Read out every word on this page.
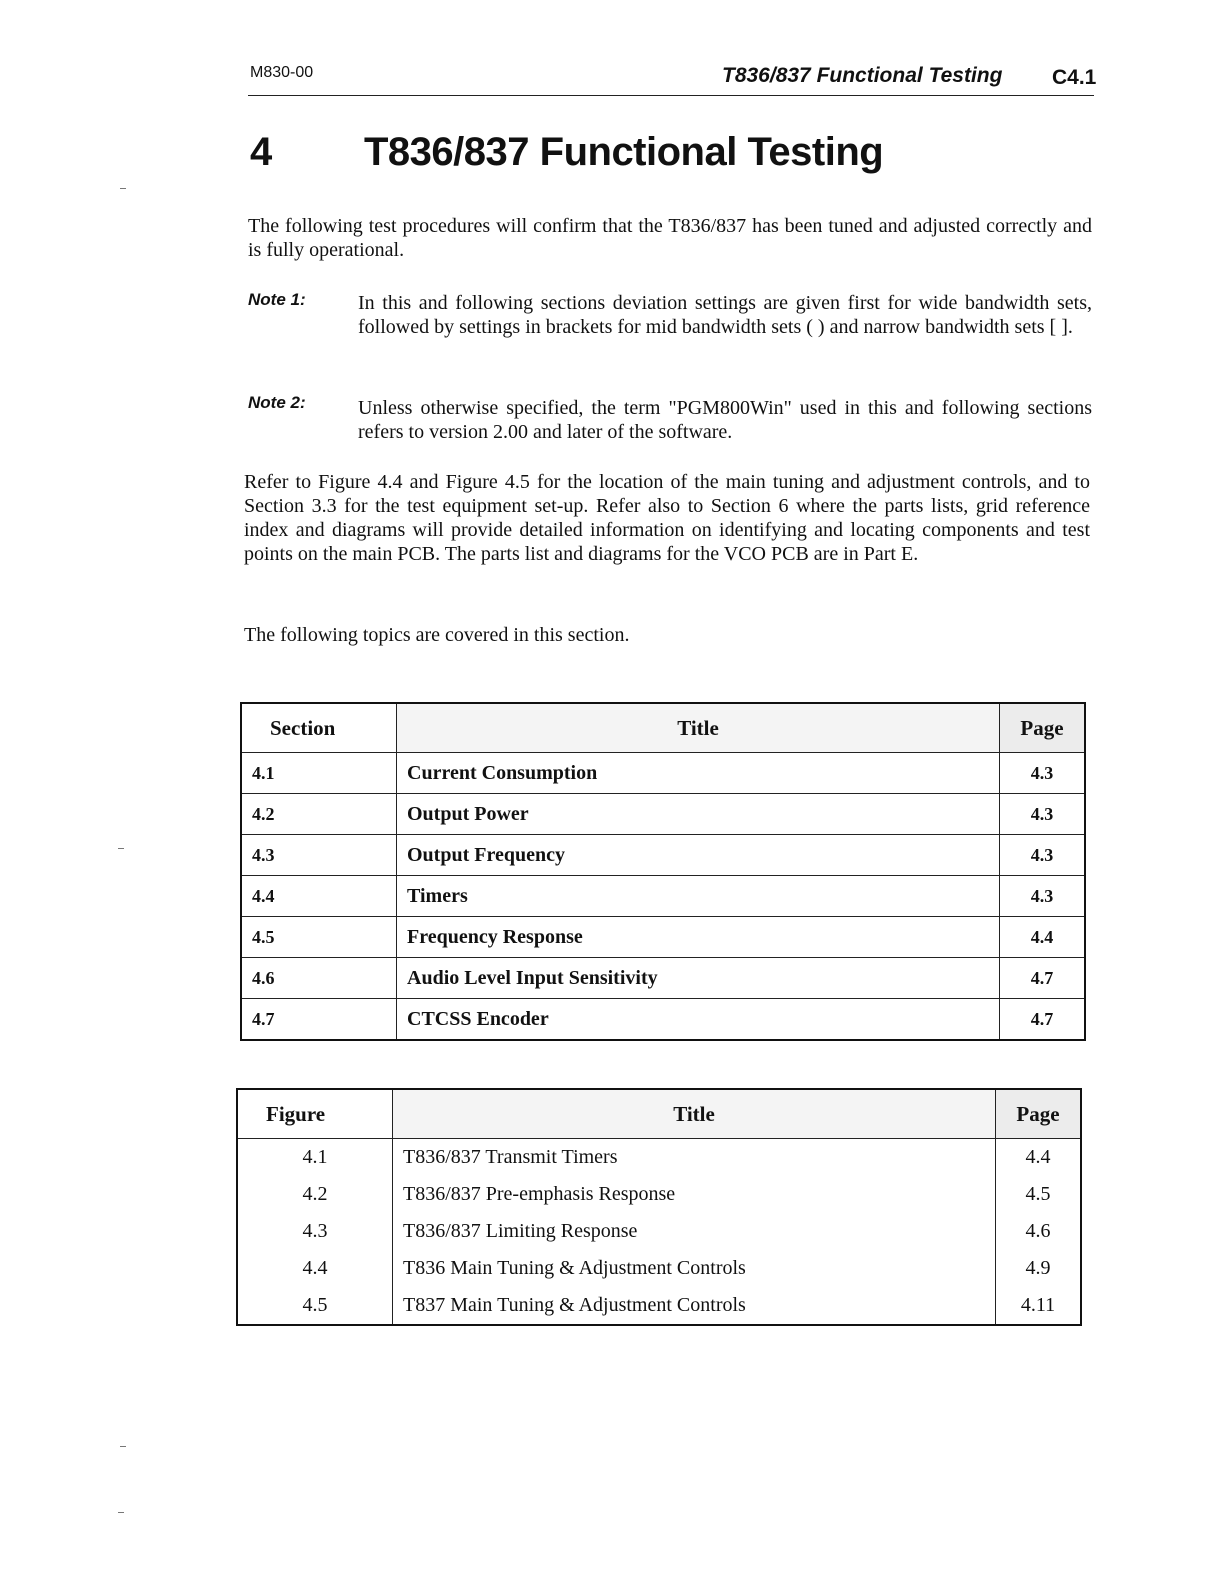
M830-00	T836/837 Functional Testing C4.1
4 T836/837 Functional Testing
The following test procedures will confirm that the T836/837 has been tuned and adjusted correctly and is fully operational.
Note 1:	In this and following sections deviation settings are given first for wide bandwidth sets, followed by settings in brackets for mid bandwidth sets ( ) and narrow bandwidth sets [ ].
Note 2:	Unless otherwise specified, the term "PGM800Win" used in this and following sections refers to version 2.00 and later of the software.
Refer to Figure 4.4 and Figure 4.5 for the location of the main tuning and adjustment controls, and to Section 3.3 for the test equipment set-up. Refer also to Section 6 where the parts lists, grid reference index and diagrams will provide detailed information on identifying and locating components and test points on the main PCB. The parts list and diagrams for the VCO PCB are in Part E.
The following topics are covered in this section.
Section	Title	Page
4.1	Current Consumption	4.3
4.2	Output Power	4.3
4.3	Output Frequency	4.3
4.4	Timers	4.3
4.5	Frequency Response	4.4
4.6	Audio Level Input Sensitivity	4.7
4.7	CTCSS Encoder	4.7
Figure	Title	Page
4.1	T836/837 Transmit Timers	4.4
4.2	T836/837 Pre-emphasis Response	4.5
4.3	T836/837 Limiting Response	4.6
4.4	T836 Main Tuning & Adjustment Controls	4.9
4.5	T837 Main Tuning & Adjustment Controls	4.11
